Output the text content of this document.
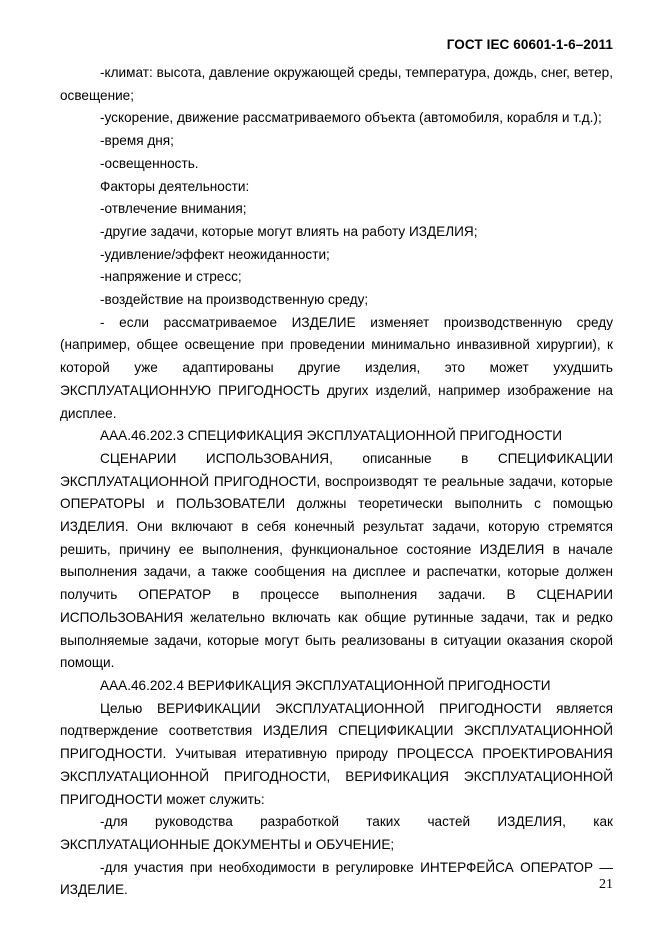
ГОСТ IEC 60601-1-6–2011

-климат: высота, давление окружающей среды, температура, дождь, снег, ветер, освещение;

-ускорение, движение рассматриваемого объекта (автомобиля, корабля и т.д.);

-время дня;

-освещенность.

Факторы деятельности:

-отвлечение внимания;

-другие задачи, которые могут влиять на работу ИЗДЕЛИЯ;

-удивление/эффект неожиданности;

-напряжение и стресс;

-воздействие на производственную среду;

- если рассматриваемое ИЗДЕЛИЕ изменяет производственную среду (например, общее освещение при проведении минимально инвазивной хирургии), к которой уже адаптированы другие изделия, это может ухудшить ЭКСПЛУАТАЦИОННУЮ ПРИГОДНОСТЬ других изделий, например изображение на дисплее.

ААА.46.202.3 СПЕЦИФИКАЦИЯ ЭКСПЛУАТАЦИОННОЙ ПРИГОДНОСТИ

СЦЕНАРИИ ИСПОЛЬЗОВАНИЯ, описанные в СПЕЦИФИКАЦИИ ЭКСПЛУАТАЦИОННОЙ ПРИГОДНОСТИ, воспроизводят те реальные задачи, которые ОПЕРАТОРЫ и ПОЛЬЗОВАТЕЛИ должны теоретически выполнить с помощью ИЗДЕЛИЯ. Они включают в себя конечный результат задачи, которую стремятся решить, причину ее выполнения, функциональное состояние ИЗДЕЛИЯ в начале выполнения задачи, а также сообщения на дисплее и распечатки, которые должен получить ОПЕРАТОР в процессе выполнения задачи. В СЦЕНАРИИ ИСПОЛЬЗОВАНИЯ желательно включать как общие рутинные задачи, так и редко выполняемые задачи, которые могут быть реализованы в ситуации оказания скорой помощи.

ААА.46.202.4 ВЕРИФИКАЦИЯ ЭКСПЛУАТАЦИОННОЙ ПРИГОДНОСТИ

Целью ВЕРИФИКАЦИИ ЭКСПЛУАТАЦИОННОЙ ПРИГОДНОСТИ является подтверждение соответствия ИЗДЕЛИЯ СПЕЦИФИКАЦИИ ЭКСПЛУАТАЦИОННОЙ ПРИГОДНОСТИ. Учитывая итеративную природу ПРОЦЕССА ПРОЕКТИРОВАНИЯ ЭКСПЛУАТАЦИОННОЙ ПРИГОДНОСТИ, ВЕРИФИКАЦИЯ ЭКСПЛУАТАЦИОННОЙ ПРИГОДНОСТИ может служить:

-для руководства разработкой таких частей ИЗДЕЛИЯ, как ЭКСПЛУАТАЦИОННЫЕ ДОКУМЕНТЫ и ОБУЧЕНИЕ;

-для участия при необходимости в регулировке ИНТЕРФЕЙСА ОПЕРАТОР — ИЗДЕЛИЕ.	21
